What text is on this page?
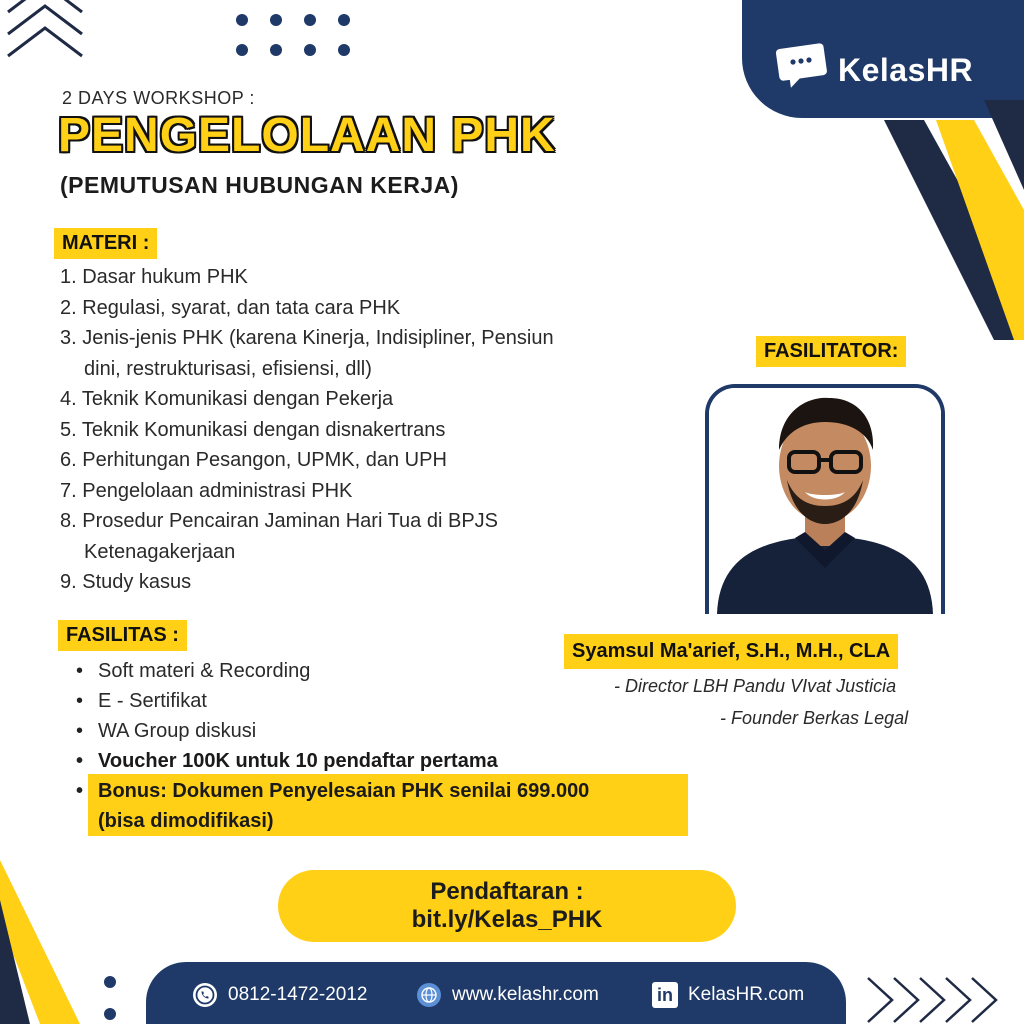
KelasHR
2 DAYS WORKSHOP :
PENGELOLAAN PHK
(PEMUTUSAN HUBUNGAN KERJA)
MATERI :
1. Dasar hukum PHK
2. Regulasi, syarat, dan tata cara PHK
3. Jenis-jenis PHK (karena Kinerja, Indisipliner, Pensiun
dini, restrukturisasi, efisiensi, dll)
4. Teknik Komunikasi dengan Pekerja
5. Teknik Komunikasi dengan disnakertrans
6. Perhitungan Pesangon, UPMK, dan UPH
7. Pengelolaan administrasi PHK
8. Prosedur Pencairan Jaminan Hari Tua di BPJS
Ketenagakerjaan
9. Study kasus
FASILITAS :
• Soft materi & Recording
• E - Sertifikat
• WA Group diskusi
• Voucher 100K untuk 10 pendaftar pertama
• Bonus: Dokumen Penyelesaian PHK senilai 699.000
(bisa dimodifikasi)
FASILITATOR:
Syamsul Ma'arief, S.H., M.H., CLA
- Director LBH Pandu VIvat Justicia
- Founder Berkas Legal
Pendaftaran :
bit.ly/Kelas_PHK
0812-1472-2012	www.kelashr.com	in KelasHR.com
